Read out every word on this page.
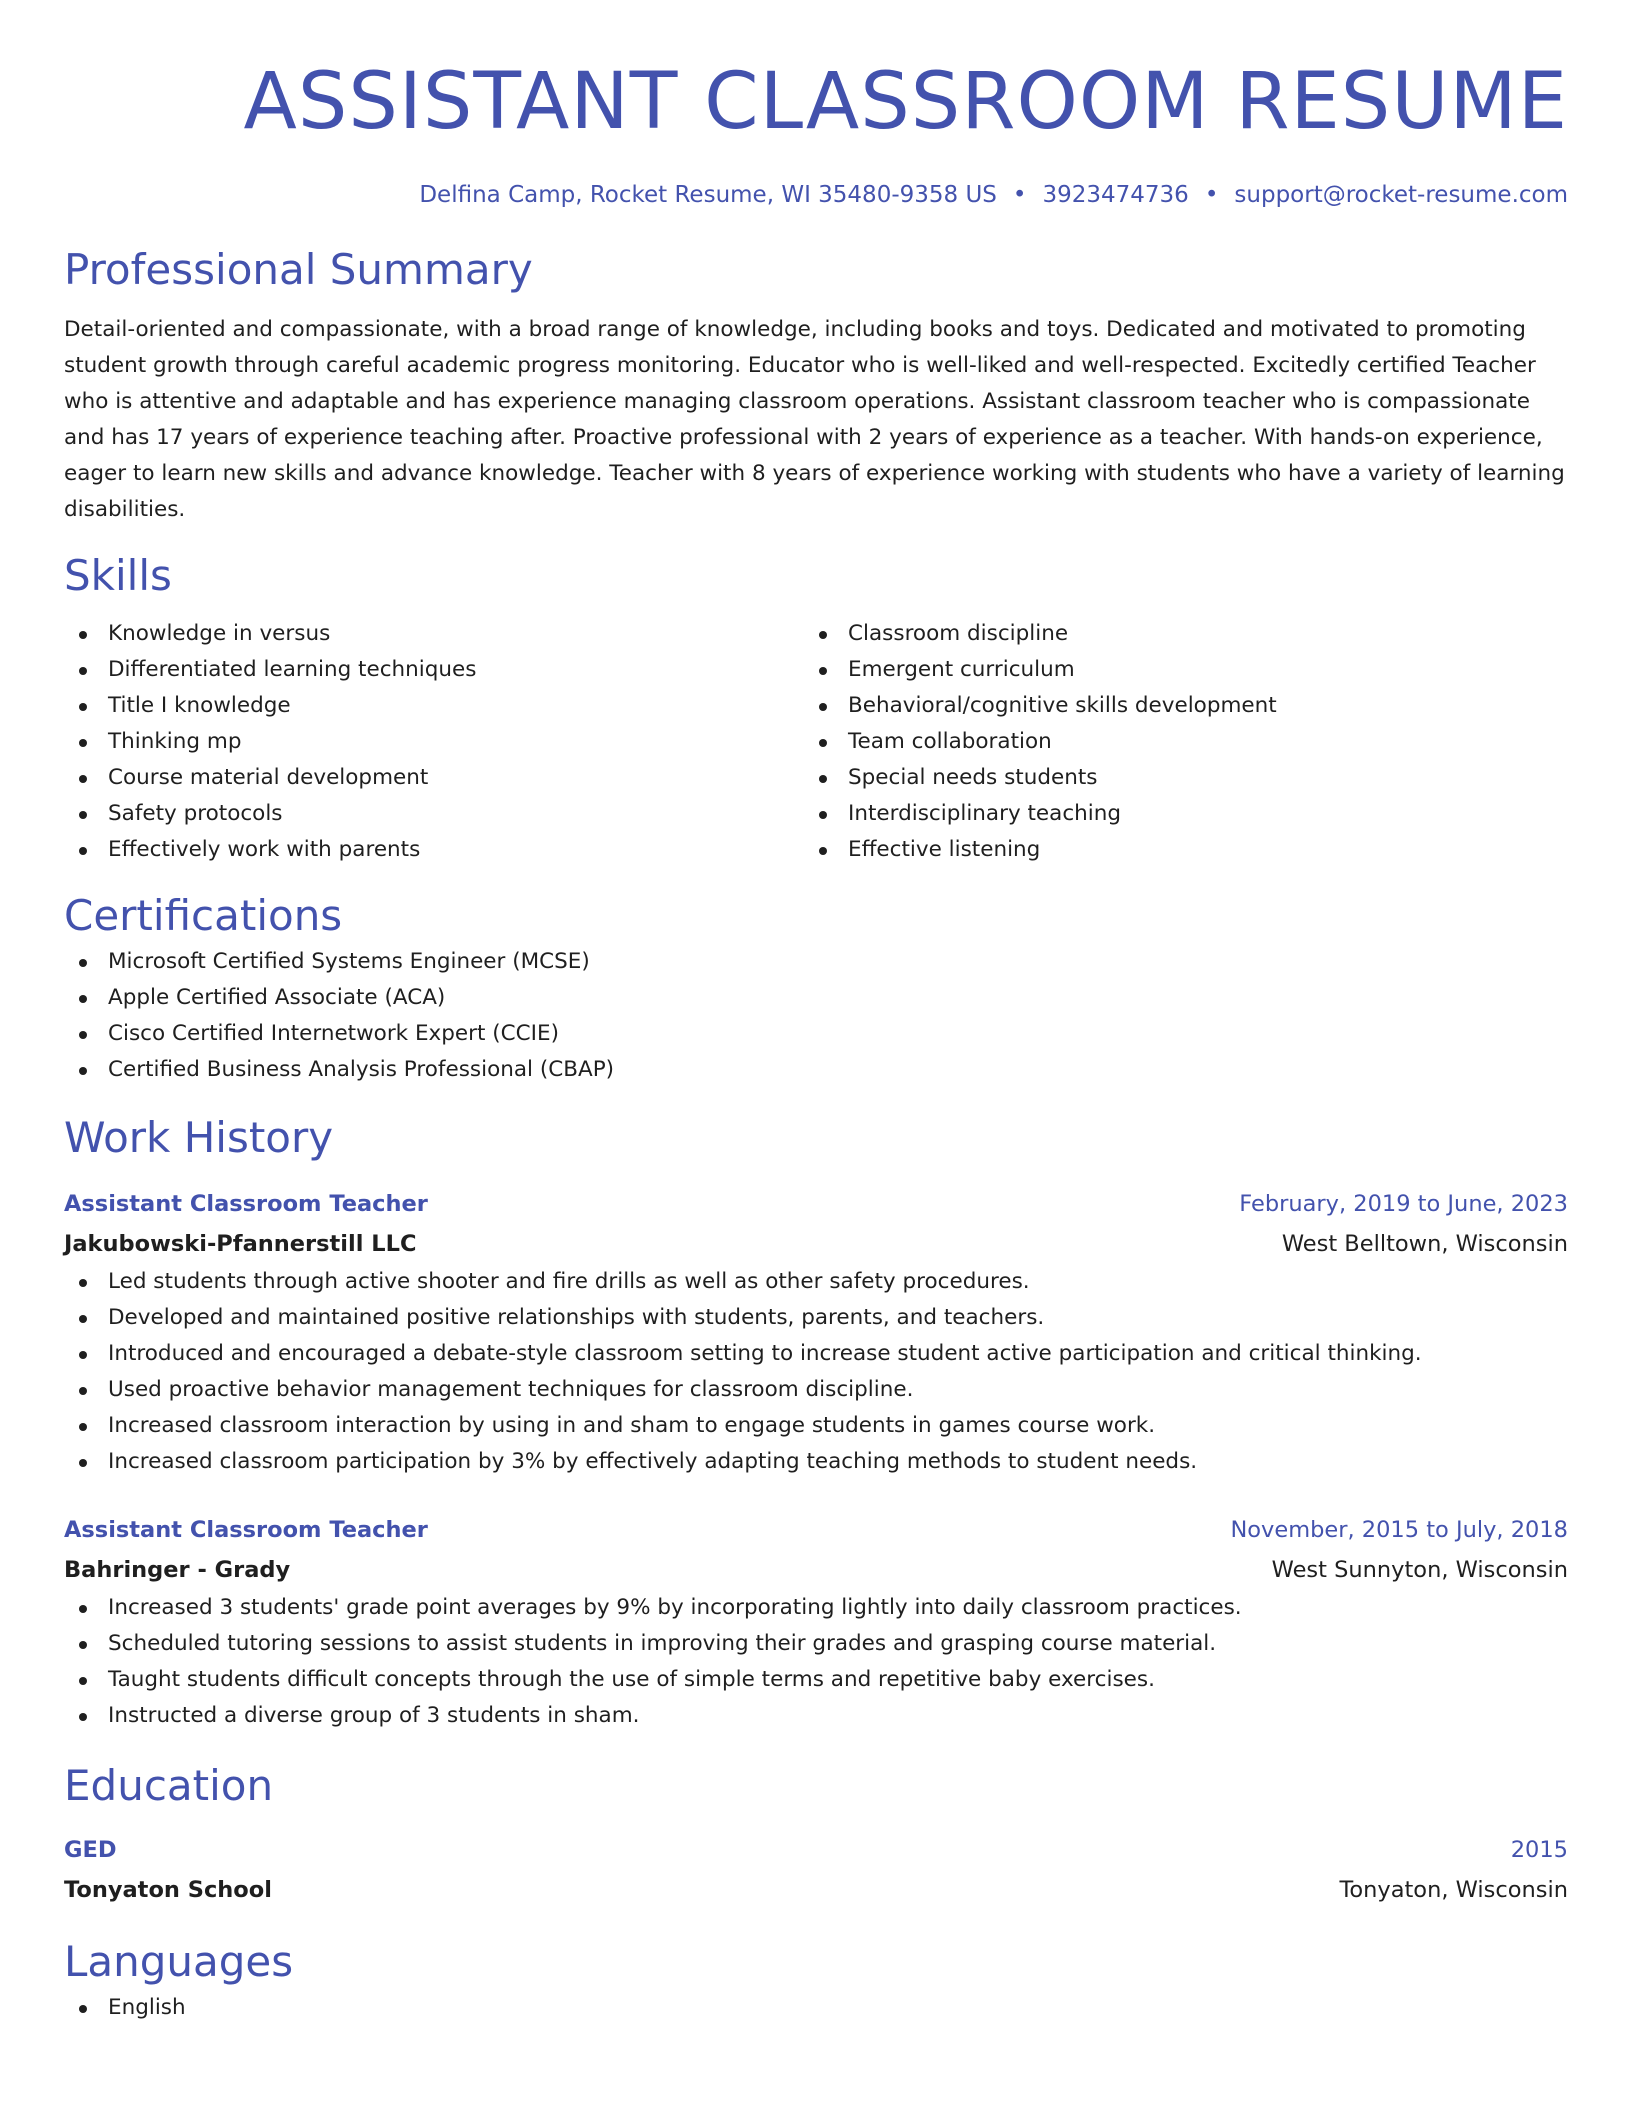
ASSISTANT CLASSROOM RESUME
Delfina Camp, Rocket Resume, WI 35480-9358 US • 3923474736 • support@rocket-resume.com
Professional Summary
Detail-oriented and compassionate, with a broad range of knowledge, including books and toys. Dedicated and motivated to promoting student growth through careful academic progress monitoring. Educator who is well-liked and well-respected. Excitedly certified Teacher who is attentive and adaptable and has experience managing classroom operations. Assistant classroom teacher who is compassionate and has 17 years of experience teaching after. Proactive professional with 2 years of experience as a teacher. With hands-on experience, eager to learn new skills and advance knowledge. Teacher with 8 years of experience working with students who have a variety of learning disabilities.
Skills
Knowledge in versus
Differentiated learning techniques
Title I knowledge
Thinking mp
Course material development
Safety protocols
Effectively work with parents
Classroom discipline
Emergent curriculum
Behavioral/cognitive skills development
Team collaboration
Special needs students
Interdisciplinary teaching
Effective listening
Certifications
Microsoft Certified Systems Engineer (MCSE)
Apple Certified Associate (ACA)
Cisco Certified Internetwork Expert (CCIE)
Certified Business Analysis Professional (CBAP)
Work History
Assistant Classroom Teacher	February, 2019 to June, 2023
Jakubowski-Pfannerstill LLC	West Belltown, Wisconsin
Led students through active shooter and fire drills as well as other safety procedures.
Developed and maintained positive relationships with students, parents, and teachers.
Introduced and encouraged a debate-style classroom setting to increase student active participation and critical thinking.
Used proactive behavior management techniques for classroom discipline.
Increased classroom interaction by using in and sham to engage students in games course work.
Increased classroom participation by 3% by effectively adapting teaching methods to student needs.
Assistant Classroom Teacher	November, 2015 to July, 2018
Bahringer - Grady	West Sunnyton, Wisconsin
Increased 3 students' grade point averages by 9% by incorporating lightly into daily classroom practices.
Scheduled tutoring sessions to assist students in improving their grades and grasping course material.
Taught students difficult concepts through the use of simple terms and repetitive baby exercises.
Instructed a diverse group of 3 students in sham.
Education
GED	2015
Tonyaton School	Tonyaton, Wisconsin
Languages
English
